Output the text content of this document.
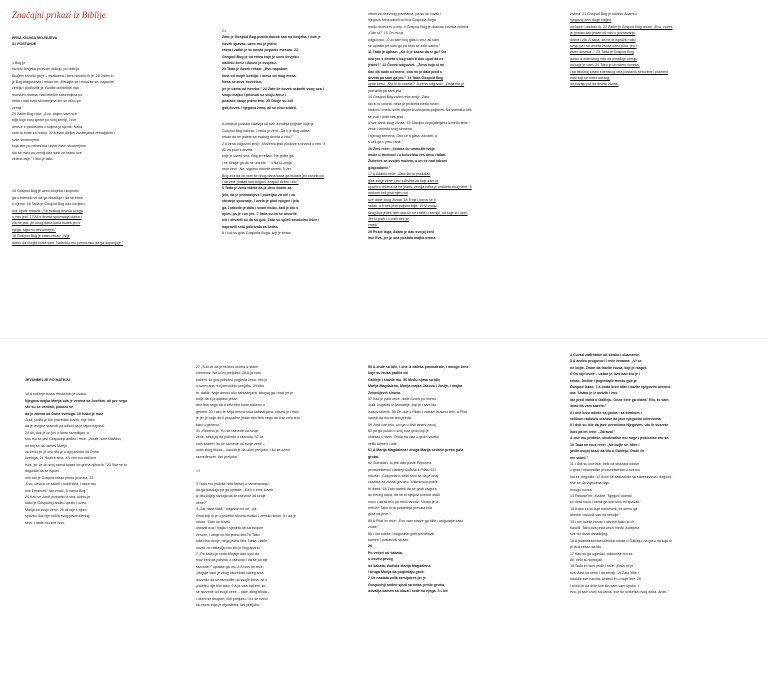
Značajni prikazi iz Biblije

PRVA KNJIGA MOJSIJEVA

ILI POSTANJE

1 Bog je

stvorio čovjeka po svom obličju, po obličju

Božjem stvorio ga je – muškarca i ženu stvorio ih je. 28 Zatim ih

je Bog blagoslovio i rekao im: „Radajte se i množite se, napunite

zemlju i podložite je. Budite doministri nad

morskim ribama, nad letećim stvorenjima po

nebu i nad svim stvorenjima što se miču po

zemlji."

29 Zatim Bog reče: „Evo, dajem vam sve

bilje koje nosi sjeme po svoj zemlji, i sve

drveće s plodovima u kojima je sjeme. Neka

vam to bude za hranu. 30 A svim divljim životinjama zemaljskim i

svim stvorenjima

koja lete po nebesima i svim živim stvorenjima

što se miču po zemlji dao sam za hranu sve

zeleno bilje." I bilo je tako.

15 Gospod Bog je uzeo čovjeka i smjestio

ga u edenski vrt da ga obrađuje i da se brine

o njemu. 16 Tada je Gospod Bog dao čovjeku

ove upute rekavši: „Sa svakog drveća ovoga

u vrtu jedi. 17 Ali s drveta spoznanja dobra i

zla ne jedi, jer onog dana kada budeš jeo s

njega, sigurno ćeš umrijeti."

18 Gospod Bog je zatim rekao: „Nije

dobro da čovjek bude sam. Načiniću mu pomoćnicu da ga dopunjuje."

21

Zato je Gospod Bog pustio dubok san na čovjeka, i dok je

čovek spavao, uzeo mu je jedno

rebro i zatim je to mesto popunio mesom. 22

Gospod Bog je od rebra koje je uzeo čovjeku

načinio ženu i doveo je čovjeku.

23 Tada je čovek rekao: „Evo napokon

kost od mojih kostiju. I meso od mog mesa.

Neka se zove čovečica,

jer je uzeta od čoveka." 24 Zato će čovek ostaviti svog oca i

svoju majku i prionuti uz svoju ženu i

postaće oboje jedno telo. 25 Oboje su bili

goli,čovek i njegova žena, ali se nisu stideli.

A zmija je postala lukavija od svih životinja poljskih koje je

Gospod Bog načinio. I rekla je ženi: „Da li je Bog zaista

rekao da ne jedete sa svakog drveta u vrtu?"

2 A žena odgovori zmiji: „Možemo jesti plodove s drveća u vrtu. 3

Ali za plod s drveta

koje je usred vrta, Bog je rekao: 'Ne jedite ga

i ne dirajte ga da ne umrete.' " 4 Na to zmija

reče ženi: „Ne, sigurno nećete umreti. 5 Jer

Bog zna da će vam se onog dana kada ga budete jeli otvoriti oči

i da ćete postati kao bogovi, znajući dobro i zlo."

6 Tada je žena videla da je drvo dobro za

jelo, da je primamljivo i poželjno za oči i za

sticanje spoznaje. I uzela je plod njegov i jela

ga. I takođe je dala i svom mužu, kad je bio s

njom, pa je i on jeo. 7 Tada su im se otvorile

oči i shvatili su da su goli. Zato su spleli smokvino lišće i

napravili sebi pokrivala za bedra.

8 I čuli su glas Gospoda Boga, koji je šetao

vrtom za dnevnog povetarca, pa su se čovek i

njegova žena sakrili od lica Gospoda Boga

među drvećem u vrtu. 9 Gospod Bog je dozivao čoveka rečima:

„Gde si?" 10 On mu je

odgovorio: „Čuo sam tvoj glas u vrtu, ali sam

se uplašio jer sam go pa sam se zato sakrio."

11 Tada je upitao: „Ko ti je kazao da si go? Da

nisi jeo s drveta s kog sam ti dao uput da ne

jedeš?" 12 Čovek odgovori: „Žena koju si mi

dao da bude uz mene, ona mi je dala plod s

drveta pa sam ga jeo." 13 Tada Gospod Bog

upita ženu: „Šta si to uradila?" A žena odgovori: „Zmija me je

prevarila pa sam jela."

14 Gospod Bog zatim reče zmiji: „Zato

što si to učinila, neka je prokleta među svom

stokom i među svim divljim životinjama poljskim. Na stomaku ćeš

se vući i prah ćeš jesti

u sve dane svog života. 15 Stavljću neprijateljstvo između tebe i

žene i između tvog semena

i njenog semena. Ono će ti glavu zdrobiti, a

ti ćeš ga u petu ranit."

16 Ženi reče: „Veoma ću umnožiti tvoje

muke u trudnoći i u bolovima ćeš decu rađati.

Žudećeš za svojim mužem, a on će nad tobom

gospodariti."

17 A Adamu reče: „Zato što si poslušao

glas svoje žene i jeo s drveta za koje sam te

uputio s rečima da ne jedeš, zemlja neka je prokleta zbog tebe. S

mukom ćeš jesti njen rod

sve dane svog života. 18 Trnje i korov će ti

rađati, a ti ćeš jesti poljsko bilje. 19 U znoju

svog lica jedeš hleb dok se ne vratiš u zemlju, od koje si i uzet.

Jer si prah i u prah ćeš se

vratiti."

20 Posle toga, Adam je dao svojoj ženi

ime Eva, jer je ona postala majka svima

živima. 21 Gospod Bog je načinio Adamu i

njegovoj ženi duge haljine

od kože i obukao ih. 22 Zatim je Gospod Bog rekao: „Evo, čovek

je postao kao jedan od nas u poznavanju

dobra i zla. A sada, da ne bi ispružio ruku

svoju pa i sa drveta života uzeo plod, jeo i

živeo doveka..." 23 Tada je Gospod Bog

istrao iz edenskog vrta da obrađuje zemlju

od koje je uzet. 24 Tako je on istero čoveka,

i na istočnoj strani edenskog vrta postavio heruvime i plameni

mač koji se vrteo uokrug,

da čuvaju put ka drvetu života.

JEVANĐELJE PO MATEJU

18 A rođenje Isusa Hrista bilo je ovako:

Njegova majka Marija bila je verena sa Josifom, ali pre nego

što su se venčali, pokaza se

da je začela od Duha svetoga. 19 Kako je muž

Josif, pošto je bio pravedan čovek, nije hteo

da je izvrgne sramoti pa odluči da je tajno napusti.

20 Ali, dok je on još o tome razmišljao, u

snu mu se javi Gospodnji anđeo i reče: „Josife, sine Davidov,

ne boj se da uzmeš Mariju

za ženu jer je ono što je u njoj začeto od Duha

svetoga. 21 Rodiće sina, a ti ćeš mu dati ime

Isus, jer će on svoj narod spasti od grehа njihovih." 22 Sve se to

dogodilo da se ispuni

ono što je Gospod rekao preko proroka: 23

„Evo, devica će začeti i roditi sina, i daće mu

ime Emanuel," što znači „S nama Bog."

24 Kad se Josif probudio iz sna, učinio je

kako je Gospodnji anđeo uputio i uzeo

Mariju za svoju ženu. 25 ali nije s njom

spavao dok nije rodila svog prvorođenog

sina. I dade mu ime Isus.

27 „Sud će da je rečeno onima iz starih

vremena: 'Ne učini preljubu!' 28 A ja vam

kažem: ko god pohotno pogleda ženu, već je

u svom srcu s njom učinio preljubu. 29 Ako

te, dakle, tvoje desno oko sablažnjava, iskopaj ga i baci jer je

bolje da ti propadne jedan

deo tela nego da ti celo telo bude bačeno u

geheni. 30 I ako te tvoja desna ruka sablažnjava, odseci je i baci

je jer je bolje da ti propadne jedan deo tela nego da ti se celo telo

baci u gehenu."

31 „Rečeno je: 'Ko se razvede od svoje

žene, neka joj da potvrdu o razvodu.'32 Ja

vam kažem: ko se razvede od svoje žene –

osim zbog bluda – navodi je da učini preljubu. I ko se oženi

razvedenom, čini preljubu."

19

3 Tada mu pridoše neki farisej u nameravanju

da ga iskušaju pa ga upitaše: „Da li ć eme čovek

iz bilo kojeg razloga da se razvede od svoje

žene?"

4 „Zar niste čitali," odgovori im on, „da

Onaj koji ih je u početku stvorio muško i žensko stvori. 5 I da je

rekao: 'Zato će čovek

ostaviti oca i majku i sjediniti se sa svojom

ženom, i oboje će biti jedno telo?'6 Tako

više nisu dvoje, nego jedno telo. Neka, dakle,

čovek ne rastavlja ono što je Bog spario."

7 „Pa zašto je onda Mojsije dao uput da

muž ženi da potvrdu o razvodu i da se od nje

razvede?" upitaše ga oni. 8 A Isus im reče:

„Mojsije vam je zbog okorelosti vašeg srca

dozvolio da se razvodite od svojih žena, ali u

početku nije bilo tako. 9 A ja vam kažem: ko

se razvede od svoje žene – osim zbog bluda –

i oženi se drugom, čini preljubu. I ko se oženi

sa onom koja je otpuštena, čini preljubu."

55 A onde su bile, i one iz daleka posmatrale, i mnoge žene

koje su Isusa pratile od

Galileje i služile mu. 56 Među njima su bile

Marija Magdalena, Marija majka Jakova i Josije, i majka

Zebedijevih sinova.

57 Kad je pala veče, dođe čovek po imenu

Josif, bogataš iz Arimateje, koji je i sam bio

Isusov učenik. 58 On ode k Pilatu i zatraži Isusovo telo, a Pilat

naredi da mu se telo preda.

59 Josif uze telo, uvi ga u čisti laneni zavoj

60 pa ga položi u svoj novi grob koji je

uklesao u steni. Onda na ulaz u grob navalio

veliki kamen i ode.

61 A Marija Magdalena i druga Marija sedoše preko puta

groba.

62 Sutradan, to jest dan posle Pripreme,

prvosveštenici i fariseji dođoše k Pilatu 63 i

rekoše: „Gospodaru, setili smo se da je onaj

varalica za života govorio: 'Uskrsnuću posle

tri dana.' 64 Zato naredi da se grob osigura

do trećeg dana, da ne bi njegovi učenici došli

noću i ukrali telo pa rekli narodu: 'Ustao je iz

mrtvih!' Tako bi ta poslednja prevara bila

gora od prve."

65 A Pilat im reče: „Evo vam straže ga idite i osigurajte kako

znate."

66 I oni odoše i osiguraše grob pečatirivši

kamen i postavivši stražu.

28

Po večeri od šabata,

u osvitu prvog

od šabata, dođoše Marija Magdalena

i druga Marija da pogledaju grob.

2 Uz nastala velik zemljotres jer je

Gospodnji anđeo sputi sa neba, prišle grobu,

odvalija kamen sa ulaza i sede na njega. 3 Lice

4 Čuvari zadrhtaše od straha i obamreše.

5 A anđeo progovori i reče ženama: „Vi se

ne bojte. Znam da tražite Isusa, koji je raspet.

6 On nije ovde – ustao je, baš kao što je i

rekao. Dođite i pogledajte mesto gde je

Gospod ležao. 7 a onda brzo idite i kažite njegovim učenici-

ma: 'Ustao je iz mrtvih i eno

ide pred vama u Galileju. Onde ćete ga videti.' Eto, to sam

imao da vam kažem."

8 I one brzo odoše sa groba i sa strahom i

velikom radošću otrčaše da jave njegovim učenicima.

9 I dok su išle da jave učenicima Njegovim, uto ih susrete

Isus pa im reče: „Zdravo!"

A one mu pridoše, obuhvatiše mu noge i pokloniše mu se.

10 Tada im Isus reče: „Ne bojte se. Idite i

javite mojoj braći da idu u Galileju. Onde će

me videti."

11 I dok su one išle, neki od stražara odoše

u grad i obavestiše prvosveštenike o svemu

što se dogodilo. 12 A oni se sastadoše sa starešinama i dogovo-

riše se da vojnicima daju

mnogo novca

13 Rekoše im: „Kažite: 'Njegovi učenici

su došli noću i ukrali ga dok smo mi spavali.'

14 A ako za to čuje namesnik, mi ćemo ga

ubediti i osloviti vas od nevolje."

15 I oni uzeše novac i učiniše kako su ih

naučili. Tako ova priča kruži među Judejima

sve do dana današnjeg.

16 A jedanaestorica učenika odoše u Galileju, na goru na koju ih

je Isus rekao da idu.

17 Kad su ga ugledali, pokloniše mu se.

Ali, neki su sumnjali.

18 Tada im Isus priđe i reče: „Data mi je

sva vlast na nebu i na zemlji. 19 Zato idite i

naučite sve narode, krsteći ih u moje ime. 20

I učeći ih da drže sve što sam vam uputio. I

evo, ja sam uvek sa vama, sve do svršetka ovog doba. Amin."
